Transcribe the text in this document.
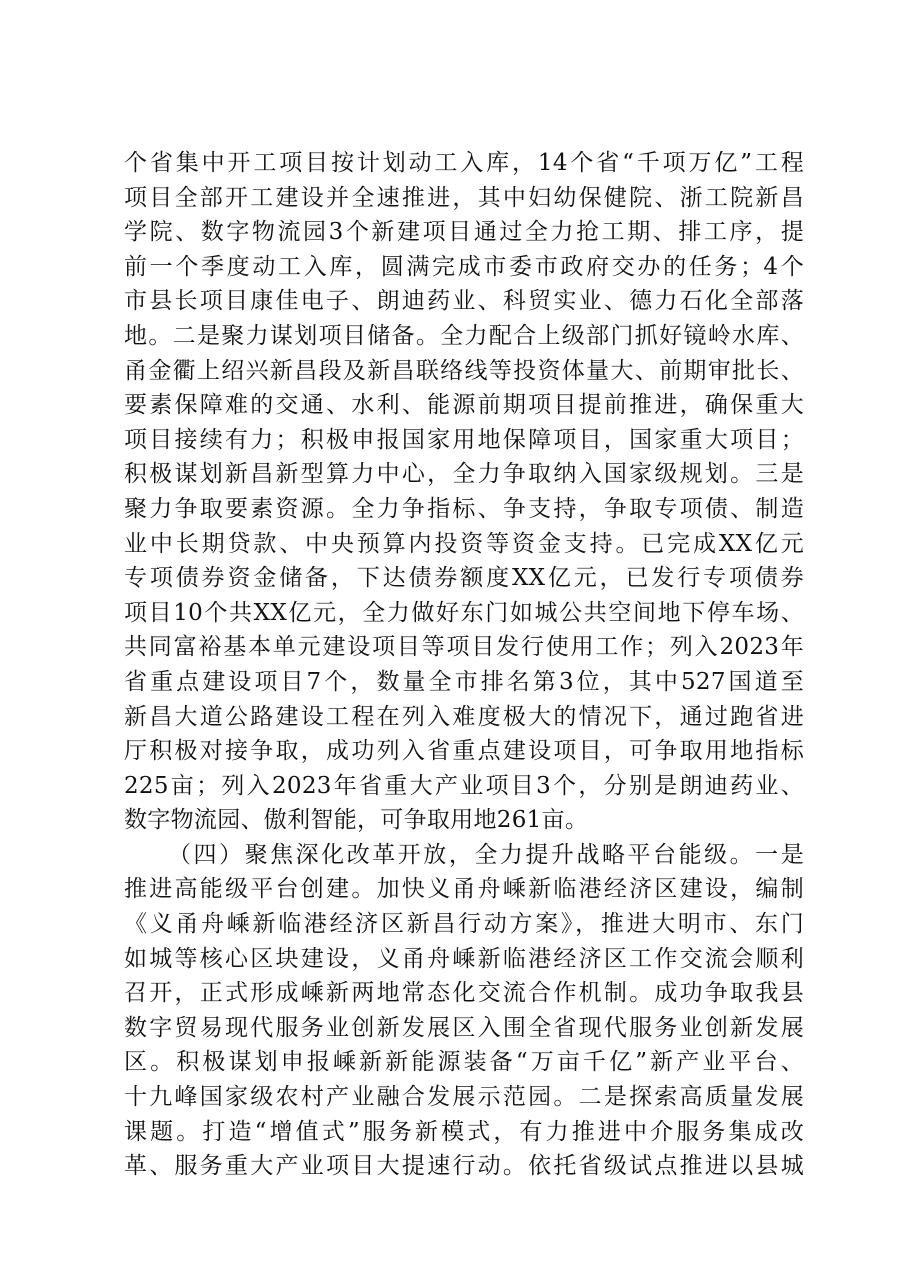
个省集中开工项目按计划动工入库，14个省“千项万亿”工程
项目全部开工建设并全速推进，其中妇幼保健院、浙工院新昌
学院、数字物流园3个新建项目通过全力抢工期、排工序，提
前一个季度动工入库，圆满完成市委市政府交办的任务；4个
市县长项目康佳电子、朗迪药业、科贸实业、德力石化全部落
地。二是聚力谋划项目储备。全力配合上级部门抓好镜岭水库、
甬金衢上绍兴新昌段及新昌联络线等投资体量大、前期审批长、
要素保障难的交通、水利、能源前期项目提前推进，确保重大
项目接续有力；积极申报国家用地保障项目，国家重大项目；
积极谋划新昌新型算力中心，全力争取纳入国家级规划。三是
聚力争取要素资源。全力争指标、争支持，争取专项债、制造
业中长期贷款、中央预算内投资等资金支持。已完成XX亿元
专项债券资金储备，下达债券额度XX亿元，已发行专项债券
项目10个共XX亿元，全力做好东门如城公共空间地下停车场、
共同富裕基本单元建设项目等项目发行使用工作；列入2023年
省重点建设项目7个，数量全市排名第3位，其中527国道至
新昌大道公路建设工程在列入难度极大的情况下，通过跑省进
厅积极对接争取，成功列入省重点建设项目，可争取用地指标
225亩；列入2023年省重大产业项目3个，分别是朗迪药业、
数字物流园、傲利智能，可争取用地261亩。
（四）聚焦深化改革开放，全力提升战略平台能级。一是
推进高能级平台创建。加快义甬舟嵊新临港经济区建设，编制
《义甬舟嵊新临港经济区新昌行动方案》，推进大明市、东门
如城等核心区块建设，义甬舟嵊新临港经济区工作交流会顺利
召开，正式形成嵊新两地常态化交流合作机制。成功争取我县
数字贸易现代服务业创新发展区入围全省现代服务业创新发展
区。积极谋划申报嵊新新能源装备“万亩千亿”新产业平台、
十九峰国家级农村产业融合发展示范园。二是探索高质量发展
课题。打造“增值式”服务新模式，有力推进中介服务集成改
革、服务重大产业项目大提速行动。依托省级试点推进以县城
